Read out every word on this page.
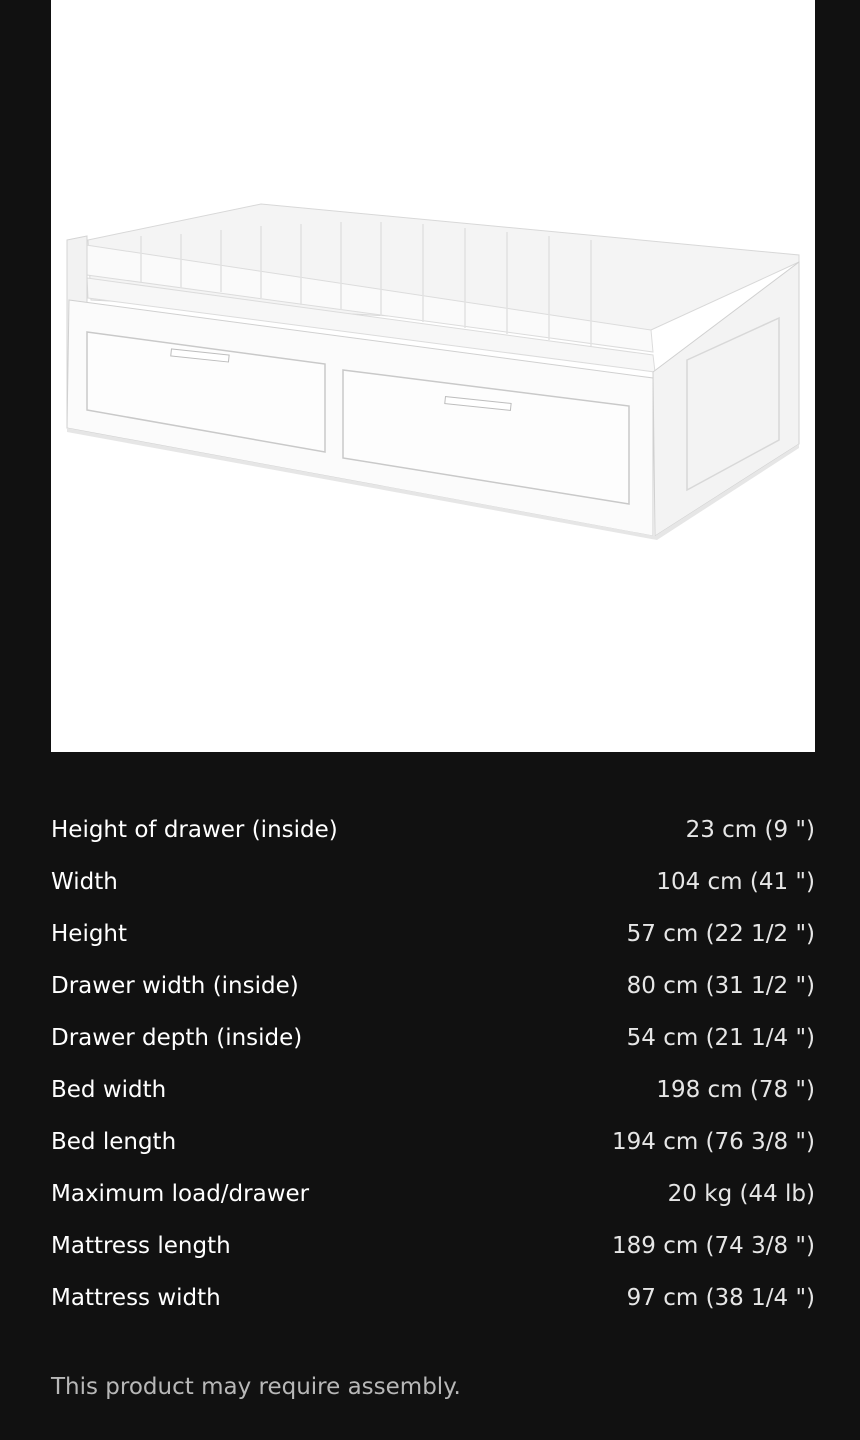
Height of drawer (inside)	23 cm (9 ")
Width	104 cm (41 ")
Height	57 cm (22 1/2 ")
Drawer width (inside)	80 cm (31 1/2 ")
Drawer depth (inside)	54 cm (21 1/4 ")
Bed width	198 cm (78 ")
Bed length	194 cm (76 3/8 ")
Maximum load/drawer	20 kg (44 lb)
Mattress length	189 cm (74 3/8 ")
Mattress width	97 cm (38 1/4 ")
This product may require assembly.
